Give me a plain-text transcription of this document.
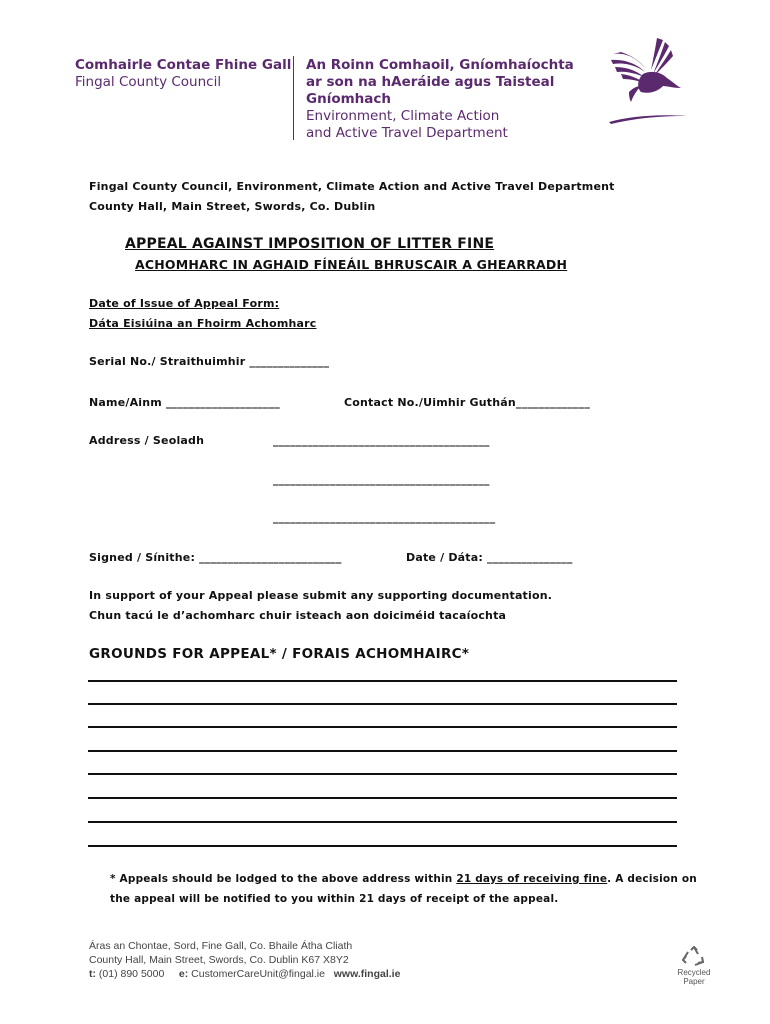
Comhairle Contae Fhine Gall
Fingal County Council
An Roinn Comhaoil, Gníomhaíochta
ar son na hAeráide agus Taisteal
Gníomhach
Environment, Climate Action
and Active Travel Department
Fingal County Council, Environment, Climate Action and Active Travel Department
County Hall, Main Street, Swords, Co. Dublin
APPEAL AGAINST IMPOSITION OF LITTER FINE
ACHOMHARC IN AGHAID FÍNEÁIL BHRUSCAIR A GHEARRADH
Date of Issue of Appeal Form:
Dáta Eisiúina an Fhoirm Achomharc
Serial No./ Straithuimhir ______________
Name/Ainm ____________________	Contact No./Uimhir Guthán_____________
Address / Seoladh	______________________________________
______________________________________
_______________________________________
Signed / Sínithe: _________________________	Date / Dáta: _______________
In support of your Appeal please submit any supporting documentation.
Chun tacú le d’achomharc chuir isteach aon doiciméid tacaíochta
GROUNDS FOR APPEAL* / FORAIS ACHOMHAIRC*
* Appeals should be lodged to the above address within 21 days of receiving fine. A decision on
the appeal will be notified to you within 21 days of receipt of the appeal.
Áras an Chontae, Sord, Fine Gall, Co. Bhaile Átha Cliath
County Hall, Main Street, Swords, Co. Dublin K67 X8Y2
t: (01) 890 5000 e: CustomerCareUnit@fingal.ie www.fingal.ie	Recycled Paper
